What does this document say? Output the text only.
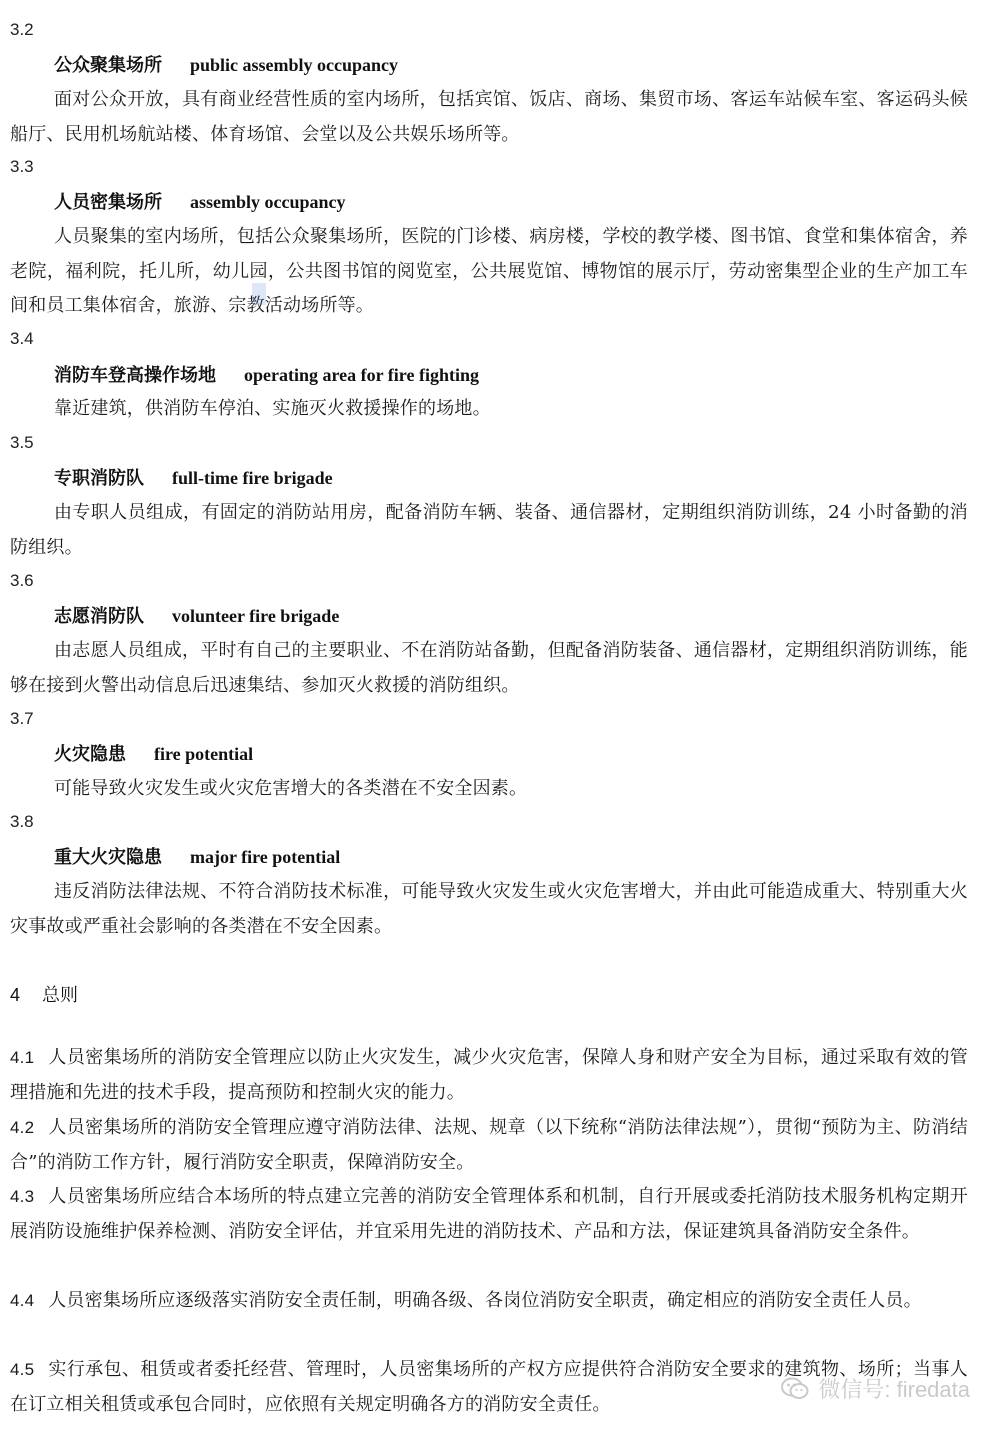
3.2
公众聚集场所 public assembly occupancy
面对公众开放，具有商业经营性质的室内场所，包括宾馆、饭店、商场、集贸市场、客运车站候车室、客运码头候船厅、民用机场航站楼、体育场馆、会堂以及公共娱乐场所等。
3.3
人员密集场所 assembly occupancy
人员聚集的室内场所，包括公众聚集场所，医院的门诊楼、病房楼，学校的教学楼、图书馆、食堂和集体宿舍，养老院，福利院，托儿所，幼儿园，公共图书馆的阅览室，公共展览馆、博物馆的展示厅，劳动密集型企业的生产加工车间和员工集体宿舍，旅游、宗教活动场所等。
3.4
消防车登高操作场地 operating area for fire fighting
靠近建筑，供消防车停泊、实施灭火救援操作的场地。
3.5
专职消防队 full-time fire brigade
由专职人员组成，有固定的消防站用房，配备消防车辆、装备、通信器材，定期组织消防训练，24 小时备勤的消防组织。
3.6
志愿消防队 volunteer fire brigade
由志愿人员组成，平时有自己的主要职业、不在消防站备勤，但配备消防装备、通信器材，定期组织消防训练，能够在接到火警出动信息后迅速集结、参加灭火救援的消防组织。
3.7
火灾隐患 fire potential
可能导致火灾发生或火灾危害增大的各类潜在不安全因素。
3.8
重大火灾隐患 major fire potential
违反消防法律法规、不符合消防技术标准，可能导致火灾发生或火灾危害增大，并由此可能造成重大、特别重大火灾事故或严重社会影响的各类潜在不安全因素。
4 总则
4.1 人员密集场所的消防安全管理应以防止火灾发生，减少火灾危害，保障人身和财产安全为目标，通过采取有效的管理措施和先进的技术手段，提高预防和控制火灾的能力。
4.2 人员密集场所的消防安全管理应遵守消防法律、法规、规章（以下统称“消防法律法规”），贯彻“预防为主、防消结合”的消防工作方针，履行消防安全职责，保障消防安全。
4.3 人员密集场所应结合本场所的特点建立完善的消防安全管理体系和机制，自行开展或委托消防技术服务机构定期开展消防设施维护保养检测、消防安全评估，并宜采用先进的消防技术、产品和方法，保证建筑具备消防安全条件。
4.4 人员密集场所应逐级落实消防安全责任制，明确各级、各岗位消防安全职责，确定相应的消防安全责任人员。
4.5 实行承包、租赁或者委托经营、管理时，人员密集场所的产权方应提供符合消防安全要求的建筑物、场所；当事人在订立相关租赁或承包合同时，应依照有关规定明确各方的消防安全责任。
微信号: firedata
